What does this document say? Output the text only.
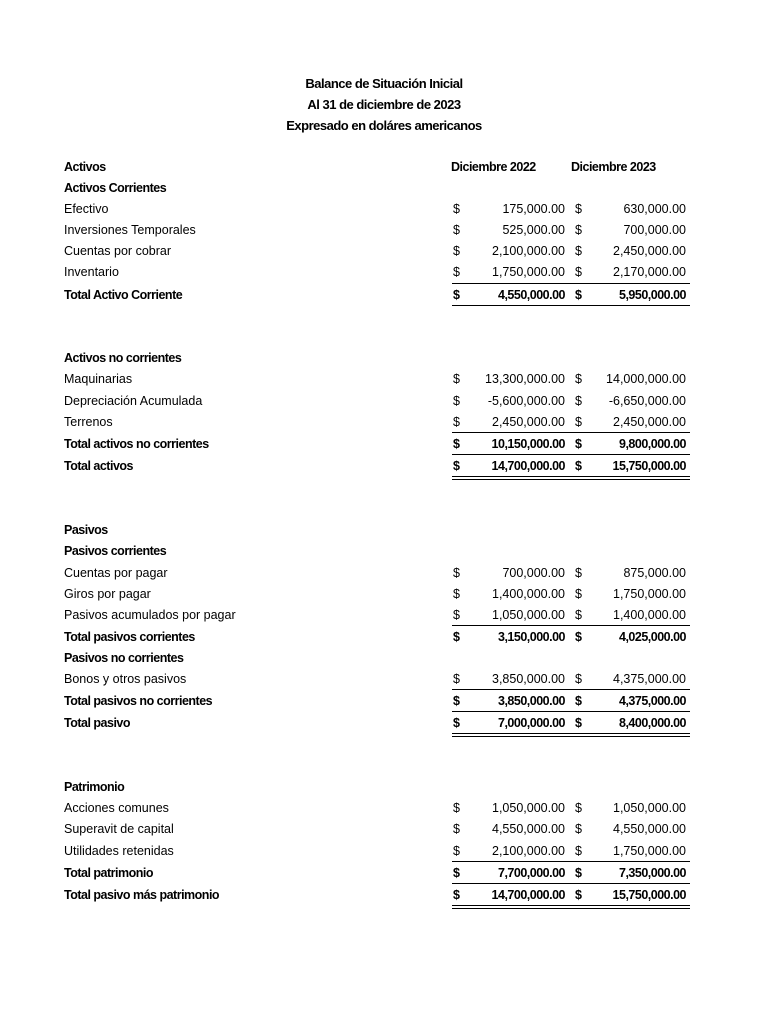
Balance de Situación Inicial
Al 31 de diciembre de 2023
Expresado en doláres americanos
Activos	Diciembre 2022	Diciembre 2023
Activos Corrientes
Efectivo	$	175,000.00 $	630,000.00
Inversiones Temporales	$	525,000.00 $	700,000.00
Cuentas por cobrar	$	2,100,000.00 $ 2,450,000.00
Inventario	$	1,750,000.00 $ 2,170,000.00
Total Activo Corriente	$	4,550,000.00 $	5,950,000.00
Activos no corrientes
Maquinarias	$ 13,300,000.00 $ 14,000,000.00
Depreciación Acumulada	$ -5,600,000.00 $ -6,650,000.00
Terrenos	$	2,450,000.00 $ 2,450,000.00
Total activos no corrientes	$	10,150,000.00 $	9,800,000.00
Total activos	$	14,700,000.00 $ 15,750,000.00
Pasivos
Pasivos corrientes
Cuentas por pagar	$	700,000.00 $	875,000.00
Giros por pagar	$	1,400,000.00 $ 1,750,000.00
Pasivos acumulados por pagar	$	1,050,000.00 $ 1,400,000.00
Total pasivos corrientes	$	3,150,000.00 $	4,025,000.00
Pasivos no corrientes
Bonos y otros pasivos	$	3,850,000.00 $ 4,375,000.00
Total pasivos no corrientes	$	3,850,000.00 $	4,375,000.00
Total pasivo	$	7,000,000.00 $	8,400,000.00
Patrimonio
Acciones comunes	$	1,050,000.00 $ 1,050,000.00
Superavit de capital	$	4,550,000.00 $ 4,550,000.00
Utilidades retenidas	$	2,100,000.00 $ 1,750,000.00
Total patrimonio	$	7,700,000.00 $	7,350,000.00
Total pasivo más patrimonio	$	14,700,000.00 $ 15,750,000.00
